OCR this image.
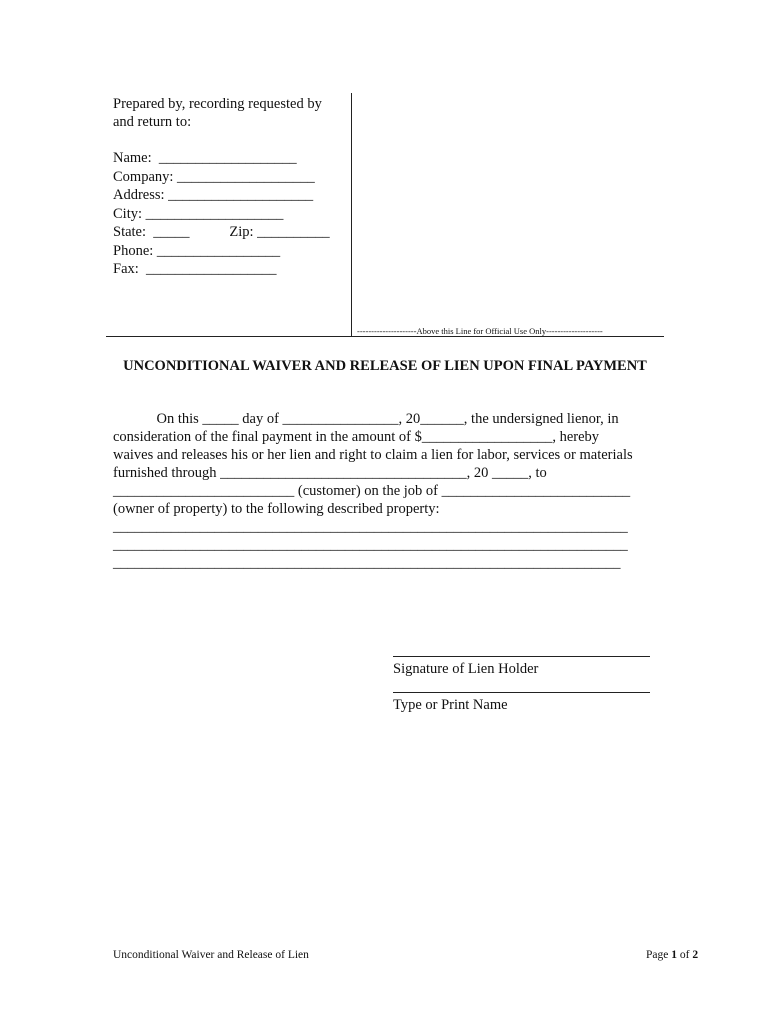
Prepared by, recording requested by
and return to:
Name:  ___________________
Company: ___________________
Address: ____________________
City: ___________________
State:  _____           Zip: __________
Phone: _________________
Fax:  __________________
---------------------Above this Line for Official Use Only--------------------
UNCONDITIONAL WAIVER AND RELEASE OF LIEN UPON FINAL PAYMENT
On this _____ day of ________________, 20______, the undersigned lienor, in
consideration of the final payment in the amount of $__________________, hereby
waives and releases his or her lien and right to claim a lien for labor, services or materials
furnished through __________________________________, 20 _____, to
_________________________ (customer) on the job of __________________________
(owner of property) to the following described property:
_______________________________________________________________________
_______________________________________________________________________
______________________________________________________________________
Signature of Lien Holder
Type or Print Name
Unconditional Waiver and Release of Lien	Page 1 of 2
